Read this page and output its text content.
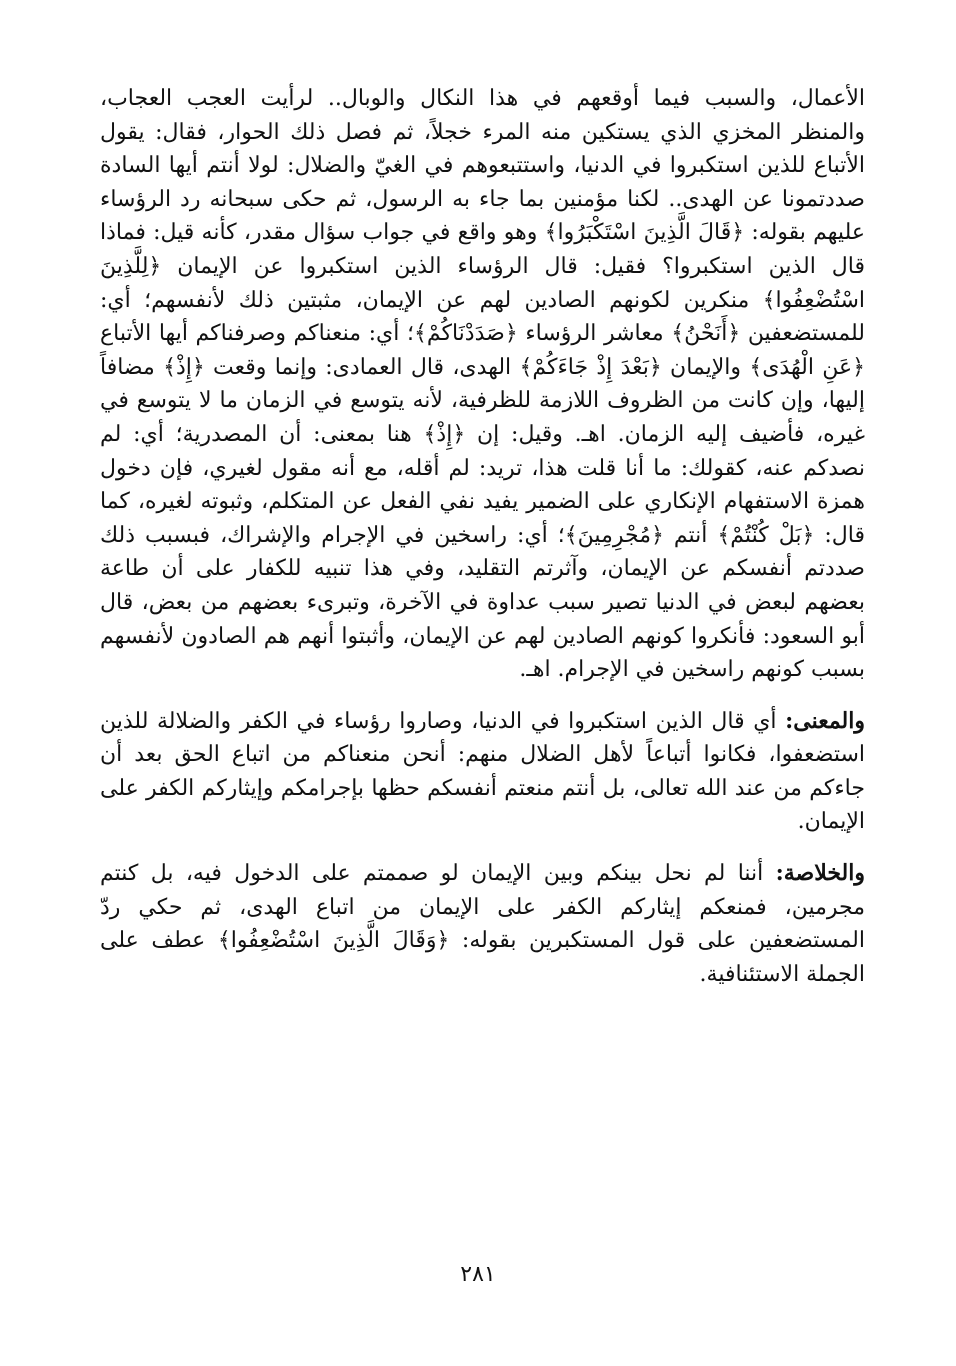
الأعمال، والسبب فيما أوقعهم في هذا النكال والوبال.. لرأيت العجب العجاب، والمنظر المخزي الذي يستكين منه المرء خجلاً، ثم فصل ذلك الحوار، فقال: يقول الأتباع للذين استكبروا في الدنيا، واستتبعوهم في الغيّ والضلال: لولا أنتم أيها السادة صددتمونا عن الهدى.. لكنا مؤمنين بما جاء به الرسول، ثم حكى سبحانه رد الرؤساء عليهم بقوله: ﴿قَالَ الَّذِينَ اسْتَكْبَرُوا﴾ وهو واقع في جواب سؤال مقدر، كأنه قيل: فماذا قال الذين استكبروا؟ فقيل: قال الرؤساء الذين استكبروا عن الإيمان ﴿لِلَّذِينَ اسْتُضْعِفُوا﴾ منكرين لكونهم الصادين لهم عن الإيمان، مثبتين ذلك لأنفسهم؛ أي: للمستضعفين ﴿أَنَحْنُ﴾ معاشر الرؤساء ﴿صَدَدْنَاكُمْ﴾؛ أي: منعناكم وصرفناكم أيها الأتباع ﴿عَنِ الْهُدَى﴾ والإيمان ﴿بَعْدَ إِذْ جَاءَكُمْ﴾ الهدى، قال العمادى: وإنما وقعت ﴿إِذْ﴾ مضافاً إليها، وإن كانت من الظروف اللازمة للظرفية، لأنه يتوسع في الزمان ما لا يتوسع في غيره، فأضيف إليه الزمان. اهـ. وقيل: إن ﴿إِذْ﴾ هنا بمعنى: أن المصدرية؛ أي: لم نصدكم عنه، كقولك: ما أنا قلت هذا، تريد: لم أقله، مع أنه مقول لغيري، فإن دخول همزة الاستفهام الإنكاري على الضمير يفيد نفي الفعل عن المتكلم، وثبوته لغيره، كما قال: ﴿بَلْ كُنْتُمْ﴾ أنتم ﴿مُجْرِمِينَ﴾؛ أي: راسخين في الإجرام والإشراك، فبسبب ذلك صددتم أنفسكم عن الإيمان، وآثرتم التقليد، وفي هذا تنبيه للكفار على أن طاعة بعضهم لبعض في الدنيا تصير سبب عداوة في الآخرة، وتبرىء بعضهم من بعض، قال أبو السعود: فأنكروا كونهم الصادين لهم عن الإيمان، وأثبتوا أنهم هم الصادون لأنفسهم بسبب كونهم راسخين في الإجرام. اهـ.

والمعنى: أي قال الذين استكبروا في الدنيا، وصاروا رؤساء في الكفر والضلالة للذين استضعفوا، فكانوا أتباعاً لأهل الضلال منهم: أنحن منعناكم من اتباع الحق بعد أن جاءكم من عند الله تعالى، بل أنتم منعتم أنفسكم حظها بإجرامكم وإيثاركم الكفر على الإيمان.

والخلاصة: أننا لم نحل بينكم وبين الإيمان لو صممتم على الدخول فيه، بل كنتم مجرمين، فمنعكم إيثاركم الكفر على الإيمان من اتباع الهدى، ثم حكي ردّ المستضعفين على قول المستكبرين بقوله: ﴿وَقَالَ الَّذِينَ اسْتُضْعِفُوا﴾ عطف على الجملة الاستئنافية.

٢٨١
